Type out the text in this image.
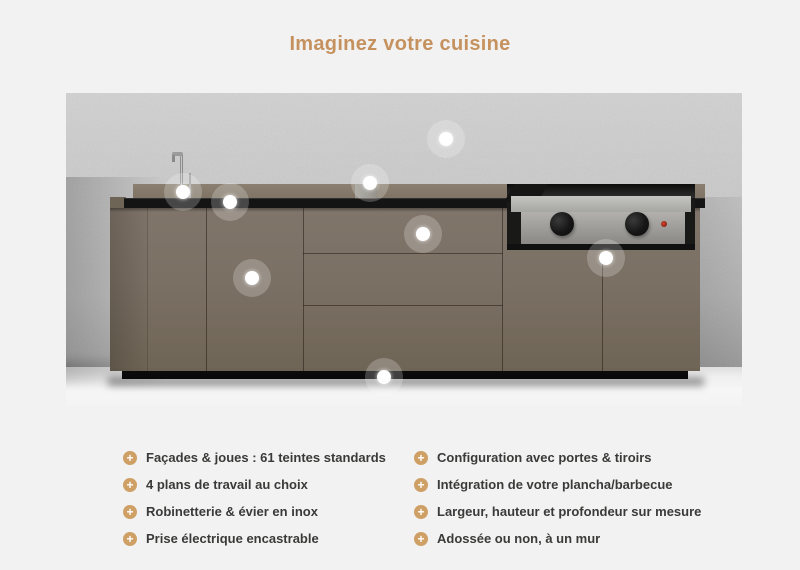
Imaginez votre cuisine
+ Façades & joues : 61 teintes standards
+ 4 plans de travail au choix
+ Robinetterie & évier en inox
+ Prise électrique encastrable
+ Configuration avec portes & tiroirs
+ Intégration de votre plancha/barbecue
+ Largeur, hauteur et profondeur sur mesure
+ Adossée ou non, à un mur
